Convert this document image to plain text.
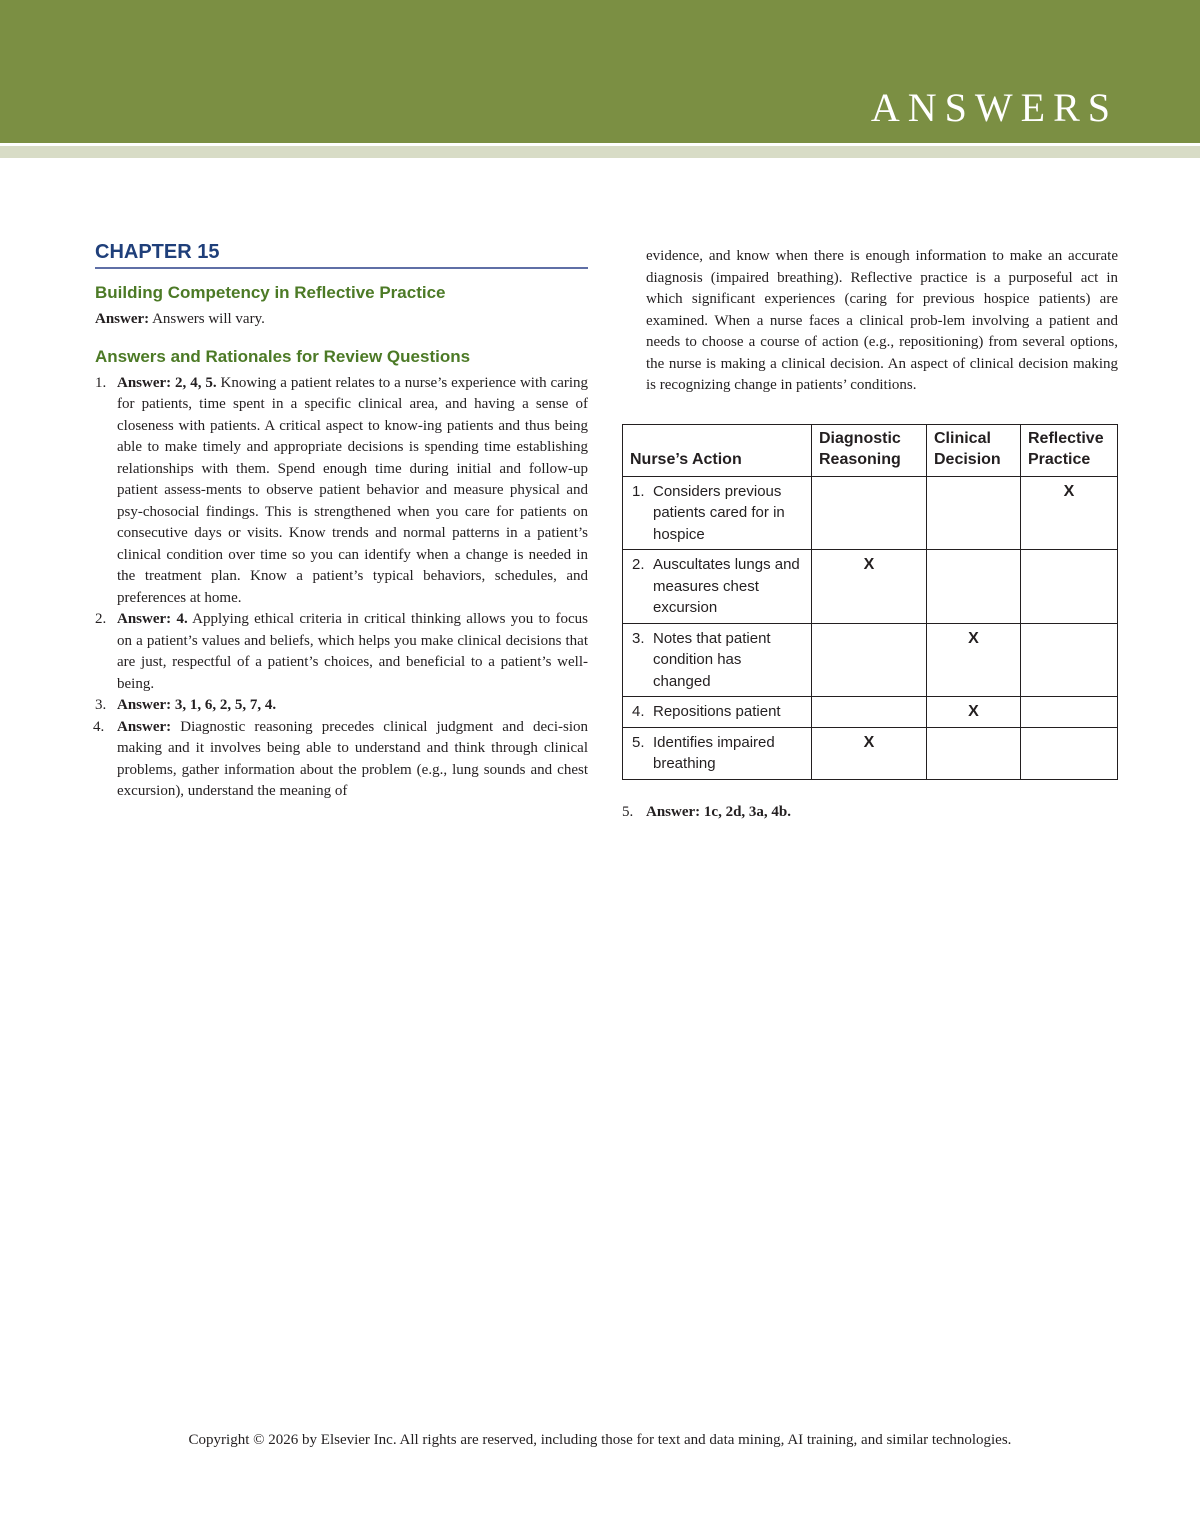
ANSWERS
CHAPTER 15
Building Competency in Reflective Practice
Answer: Answers will vary.
Answers and Rationales for Review Questions
1. Answer: 2, 4, 5. Knowing a patient relates to a nurse’s experience with caring for patients, time spent in a specific clinical area, and having a sense of closeness with patients. A critical aspect to know-ing patients and thus being able to make timely and appropriate decisions is spending time establishing relationships with them. Spend enough time during initial and follow-up patient assess-ments to observe patient behavior and measure physical and psy-chosocial findings. This is strengthened when you care for patients on consecutive days or visits. Know trends and normal patterns in a patient’s clinical condition over time so you can identify when a change is needed in the treatment plan. Know a patient’s typical behaviors, schedules, and preferences at home.
2. Answer: 4. Applying ethical criteria in critical thinking allows you to focus on a patient’s values and beliefs, which helps you make clinical decisions that are just, respectful of a patient’s choices, and beneficial to a patient’s well-being.
3. Answer: 3, 1, 6, 2, 5, 7, 4.
4. Answer: Diagnostic reasoning precedes clinical judgment and deci-sion making and it involves being able to understand and think through clinical problems, gather information about the problem (e.g., lung sounds and chest excursion), understand the meaning of
evidence, and know when there is enough information to make an accurate diagnosis (impaired breathing). Reflective practice is a purposeful act in which significant experiences (caring for previous hospice patients) are examined. When a nurse faces a clinical prob-lem involving a patient and needs to choose a course of action (e.g., repositioning) from several options, the nurse is making a clinical decision. An aspect of clinical decision making is recognizing change in patients’ conditions.
Nurse’s Action	Diagnostic Reasoning	Clinical Decision	Reflective Practice

1. Considers previous patients cared for in hospice			X

2. Auscultates lungs and measures chest excursion	X		

3. Notes that patient condition has changed		X	

4. Repositions patient		X	

5. Identifies impaired breathing	X		
5. Answer: 1c, 2d, 3a, 4b.
Copyright © 2026 by Elsevier Inc. All rights are reserved, including those for text and data mining, AI training, and similar technologies.
